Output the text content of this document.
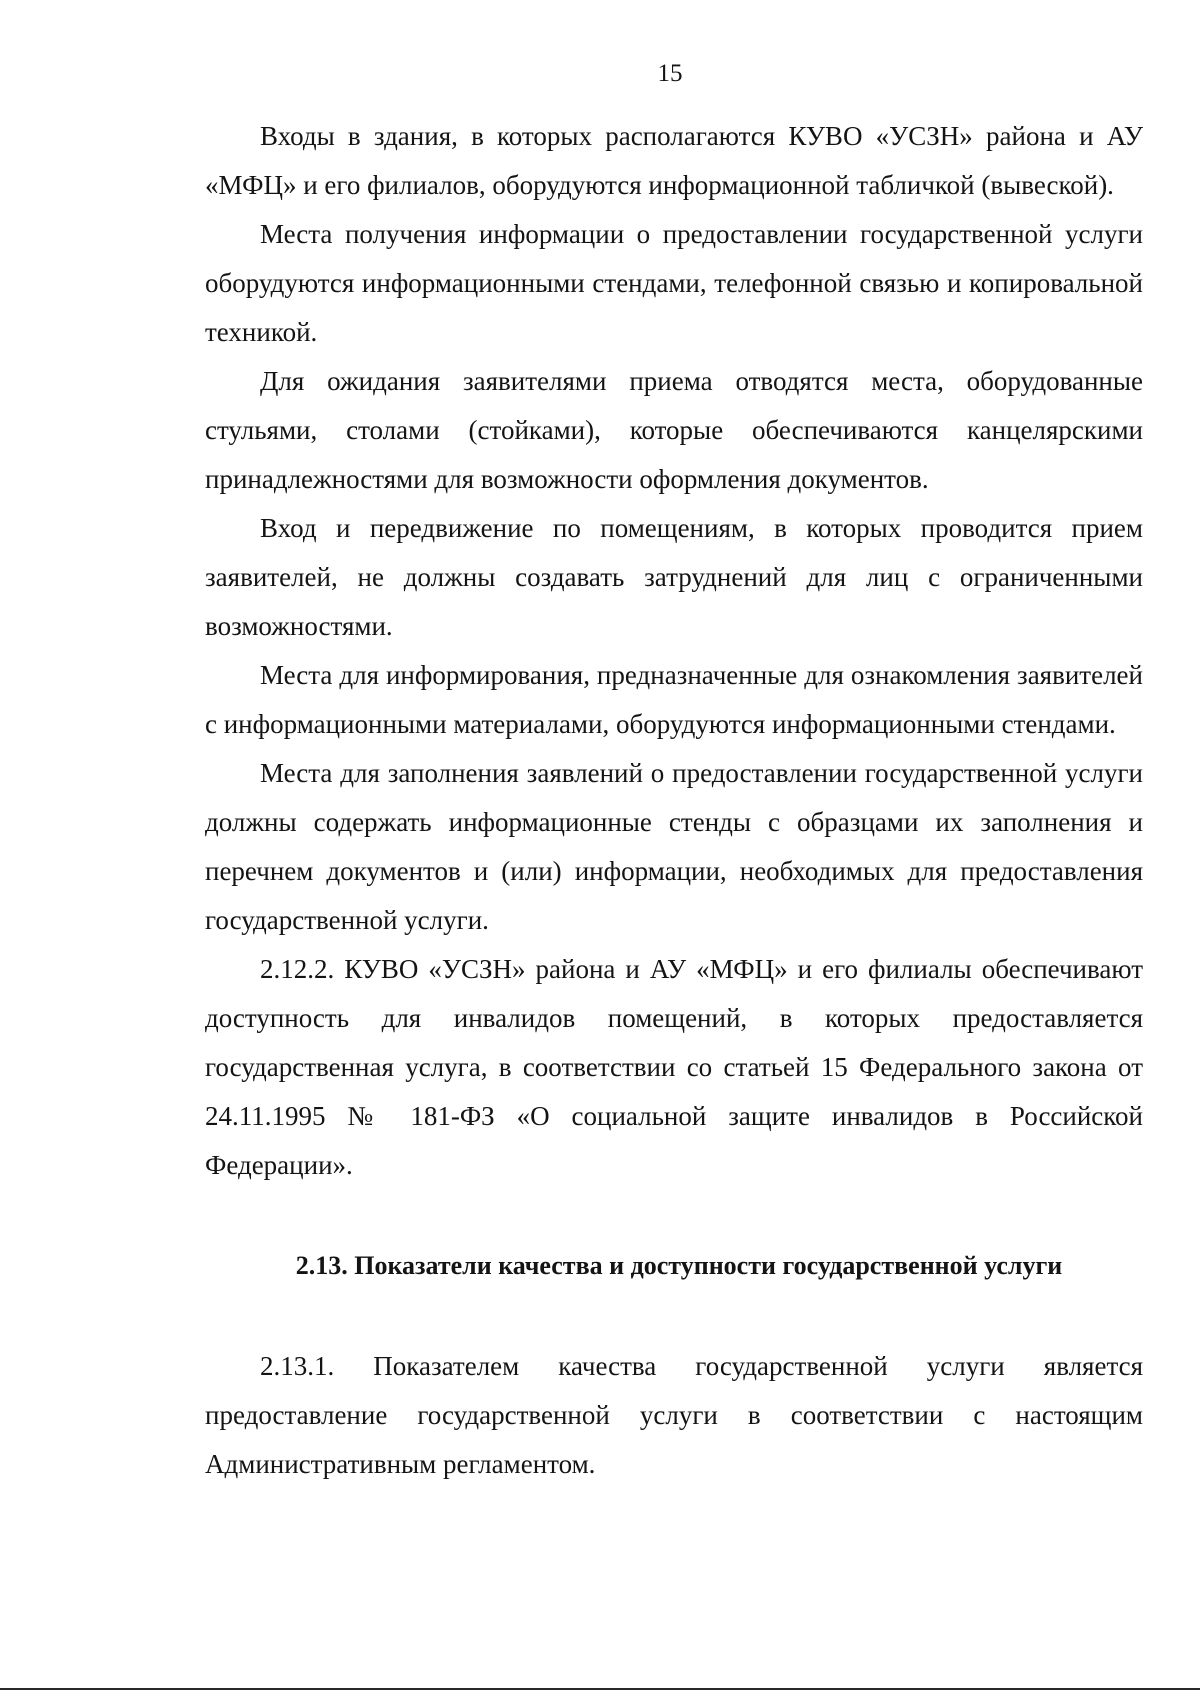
15

Входы в здания, в которых располагаются КУВО «УСЗН» района и АУ «МФЦ» и его филиалов, оборудуются информационной табличкой (вывеской).

Места получения информации о предоставлении государственной услуги оборудуются информационными стендами, телефонной связью и копировальной техникой.

Для ожидания заявителями приема отводятся места, оборудованные стульями, столами (стойками), которые обеспечиваются канцелярскими принадлежностями для возможности оформления документов.

Вход и передвижение по помещениям, в которых проводится прием заявителей, не должны создавать затруднений для лиц с ограниченными возможностями.

Места для информирования, предназначенные для ознакомления заявителей с информационными материалами, оборудуются информационными стендами.

Места для заполнения заявлений о предоставлении государственной услуги должны содержать информационные стенды с образцами их заполнения и перечнем документов и (или) информации, необходимых для предоставления государственной услуги.

2.12.2. КУВО «УСЗН» района и АУ «МФЦ» и его филиалы обеспечивают доступность для инвалидов помещений, в которых предоставляется государственная услуга, в соответствии со статьей 15 Федерального закона от 24.11.1995 № 181-ФЗ «О социальной защите инвалидов в Российской Федерации».

2.13. Показатели качества и доступности государственной услуги

2.13.1. Показателем качества государственной услуги является предоставление государственной услуги в соответствии с настоящим Административным регламентом.
